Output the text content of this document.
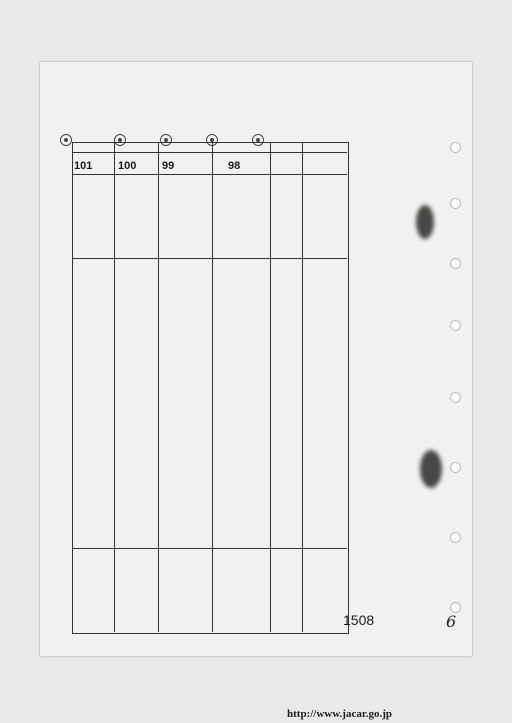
101 100 99	98
1508	6
http://www.jacar.go.jp
